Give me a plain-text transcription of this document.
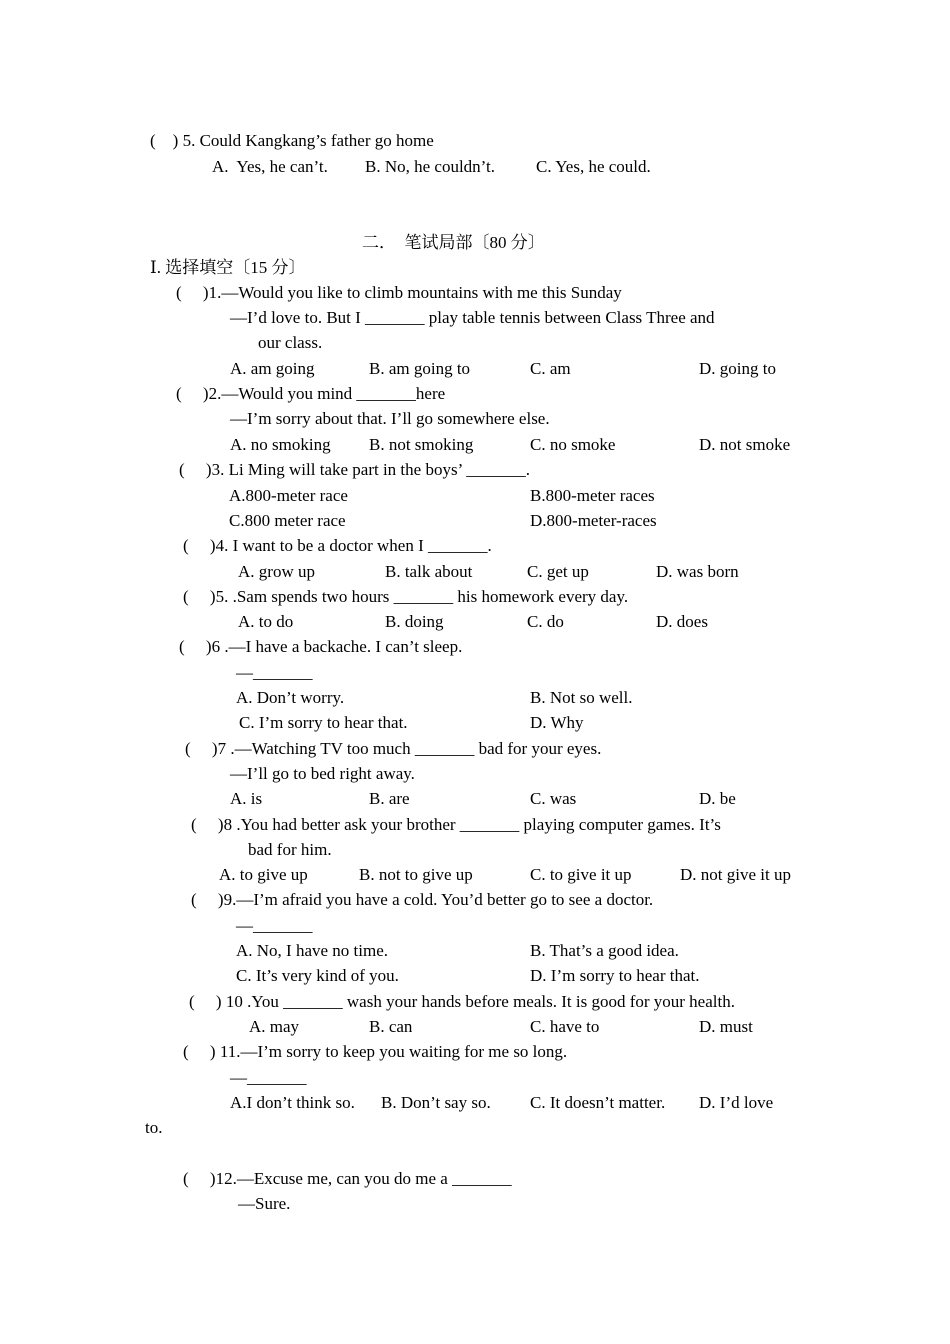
(    ) 5. Could Kangkang’s father go home
A.  Yes, he can’t. B. No, he couldn’t. C. Yes, he could.
二．  笔试局部〔80 分〕
Ⅰ. 选择填空〔15 分〕
(     )1.—Would you like to climb mountains with me this Sunday
—I’d love to. But I _______ play table tennis between Class Three and
our class.
A. am going	B. am going to	C. am	D. going to
(     )2.—Would you mind _______here
—I’m sorry about that. I’ll go somewhere else.
A. no smoking B. not smoking	C. no smoke	D. not smoke
(     )3. Li Ming will take part in the boys’ _______.
A.800-meter race	B.800-meter races
C.800 meter race	D.800-meter-races
(     )4. I want to be a doctor when I _______.
A. grow up	B. talk about	C. get up	D. was born
(     )5. .Sam spends two hours _______ his homework every day.
A. to do	B. doing	C. do	D. does
(     )6 .—I have a backache. I can’t sleep.
—_______
A. Don’t worry.	B. Not so well.
C. I’m sorry to hear that.	D. Why
(     )7 .—Watching TV too much _______ bad for your eyes.
—I’ll go to bed right away.
A. is	B. are	C. was	D. be
(     )8 .You had better ask your brother _______ playing computer games. It’s
bad for him.
A. to give up	B. not to give up	C. to give it up	D. not give it up
(     )9.—I’m afraid you have a cold. You’d better go to see a doctor.
—_______
A. No, I have no time.	B. That’s a good idea.
C. It’s very kind of you.	D. I’m sorry to hear that.
(     ) 10 .You _______ wash your hands before meals. It is good for your health.
A. may	B. can	C. have to	D. must
(     ) 11.—I’m sorry to keep you waiting for me so long.
—_______
A.I don’t think so. B. Don’t say so. C. It doesn’t matter. D. I’d love
to.
(     )12.—Excuse me, can you do me a _______
—Sure.
